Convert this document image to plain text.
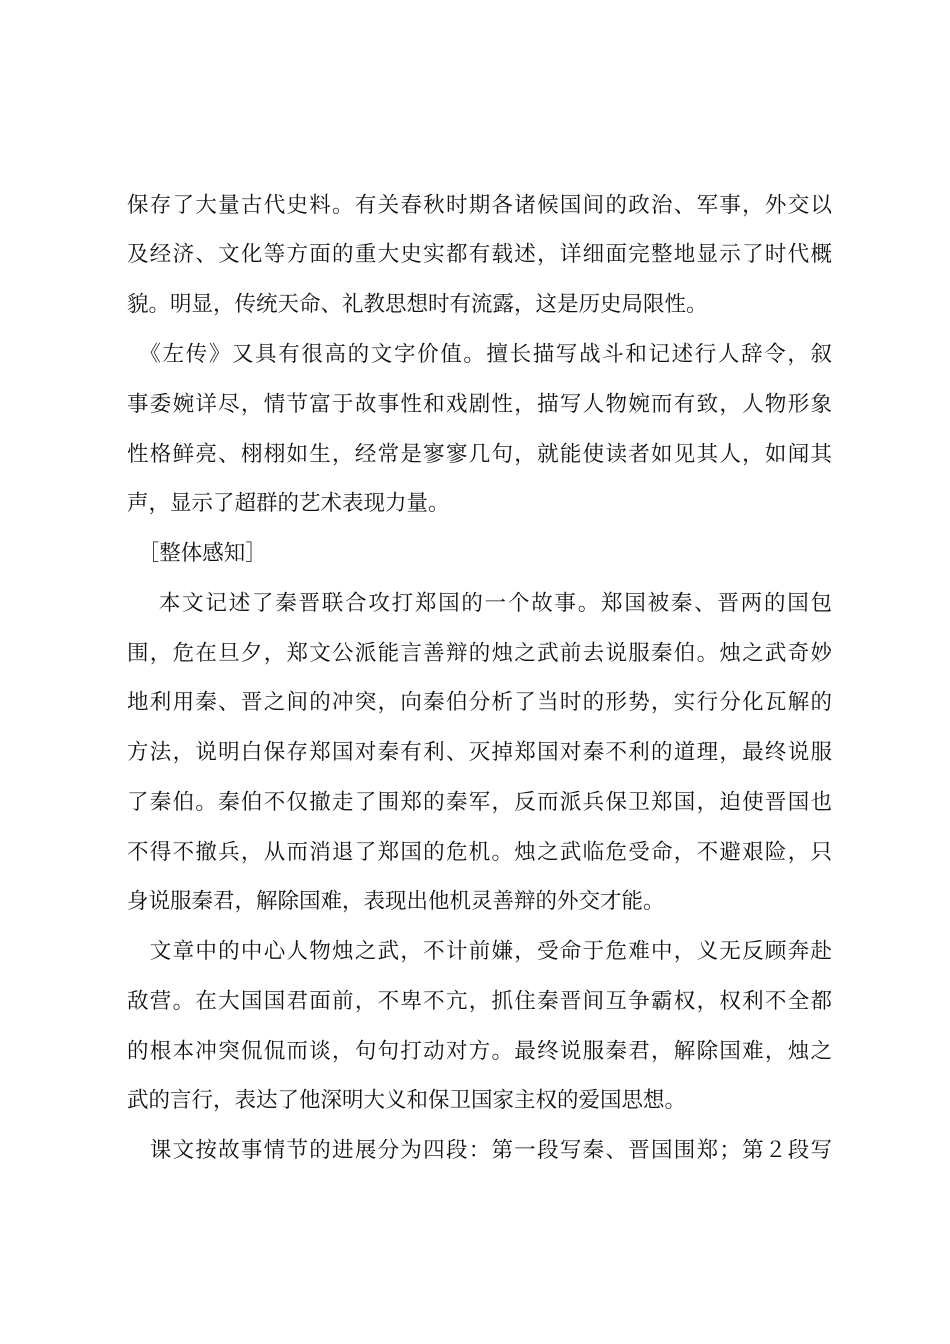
保存了大量古代史料。有关春秋时期各诸候国间的政治、军事，外交以
及经济、文化等方面的重大史实都有载述，详细面完整地显示了时代概
貌。明显，传统天命、礼教思想时有流露，这是历史局限性。
　《左传》又具有很高的文字价值。擅长描写战斗和记述行人辞令，叙
事委婉详尽，情节富于故事性和戏剧性，描写人物婉而有致，人物形象
性格鲜亮、栩栩如生，经常是寥寥几句，就能使读者如见其人，如闻其
声，显示了超群的艺术表现力量。
　［整体感知］
　 本文记述了秦晋联合攻打郑国的一个故事。郑国被秦、晋两的国包
围，危在旦夕，郑文公派能言善辩的烛之武前去说服秦伯。烛之武奇妙
地利用秦、晋之间的冲突，向秦伯分析了当时的形势，实行分化瓦解的
方法，说明白保存郑国对秦有利、灭掉郑国对秦不利的道理，最终说服
了秦伯。秦伯不仅撤走了围郑的秦军，反而派兵保卫郑国，迫使晋国也
不得不撤兵，从而消退了郑国的危机。烛之武临危受命，不避艰险，只
身说服秦君，解除国难，表现出他机灵善辩的外交才能。
　文章中的中心人物烛之武，不计前嫌，受命于危难中，义无反顾奔赴
敌营。在大国国君面前，不卑不亢，抓住秦晋间互争霸权，权利不全都
的根本冲突侃侃而谈，句句打动对方。最终说服秦君，解除国难，烛之
武的言行，表达了他深明大义和保卫国家主权的爱国思想。
　课文按故事情节的进展分为四段：第一段写秦、晋国围郑；第２段写
